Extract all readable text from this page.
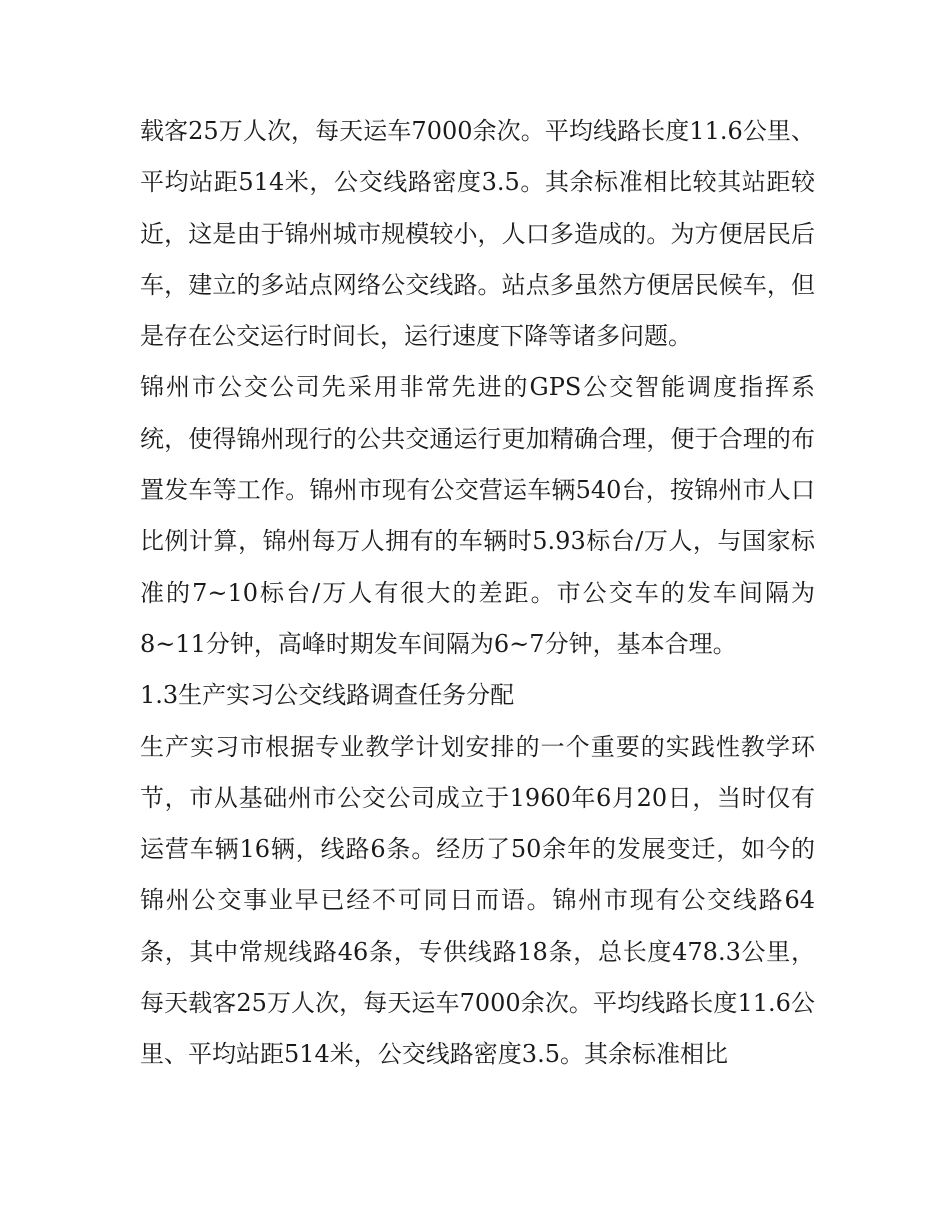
载客25万人次，每天运车7000余次。平均线路长度11.6公里、平均站距514米，公交线路密度3.5。其余标准相比较其站距较近，这是由于锦州城市规模较小，人口多造成的。为方便居民后车，建立的多站点网络公交线路。站点多虽然方便居民候车，但是存在公交运行时间长，运行速度下降等诸多问题。

锦州市公交公司先采用非常先进的GPS公交智能调度指挥系统，使得锦州现行的公共交通运行更加精确合理，便于合理的布置发车等工作。锦州市现有公交营运车辆540台，按锦州市人口比例计算，锦州每万人拥有的车辆时5.93标台/万人，与国家标准的7~10标台/万人有很大的差距。市公交车的发车间隔为8~11分钟，高峰时期发车间隔为6~7分钟，基本合理。

1.3生产实习公交线路调查任务分配

生产实习市根据专业教学计划安排的一个重要的实践性教学环节，市从基础州市公交公司成立于1960年6月20日，当时仅有运营车辆16辆，线路6条。经历了50余年的发展变迁，如今的锦州公交事业早已经不可同日而语。锦州市现有公交线路64条，其中常规线路46条，专供线路18条，总长度478.3公里，每天载客25万人次，每天运车7000余次。平均线路长度11.6公里、平均站距514米，公交线路密度3.5。其余标准相比
